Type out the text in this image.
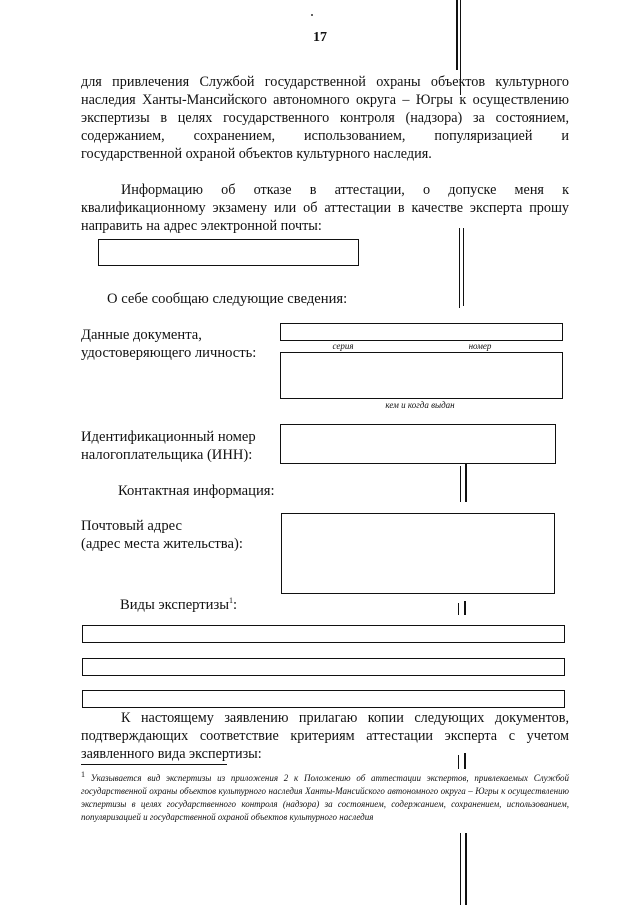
17

для привлечения Службой государственной охраны объектов культурного наследия Ханты-Мансийского автономного округа – Югры к осуществлению экспертизы в целях государственного контроля (надзора) за состоянием, содержанием, сохранением, использованием, популяризацией и государственной охраной объектов культурного наследия.

Информацию об отказе в аттестации, о допуске меня к квалификационному экзамену или об аттестации в качестве эксперта прошу направить на адрес электронной почты:

О себе сообщаю следующие сведения:
Данные документа,
удостоверяющего личность:	серия	номер
кем и когда выдан
Идентификационный номер
налогоплательщика (ИНН):
Контактная информация:
Почтовый адрес
(адрес места жительства):
Виды экспертизы$^1$:

К настоящему заявлению прилагаю копии следующих документов, подтверждающих соответствие критериям аттестации эксперта с учетом заявленного вида экспертизы:

1 Указывается вид экспертизы из приложения 2 к Положению об аттестации экспертов, привлекаемых Службой государственной охраны объектов культурного наследия Ханты-Мансийского автономного округа – Югры к осуществлению экспертизы в целях государственного контроля (надзора) за состоянием, содержанием, сохранением, использованием, популяризацией и государственной охраной объектов культурного наследия
